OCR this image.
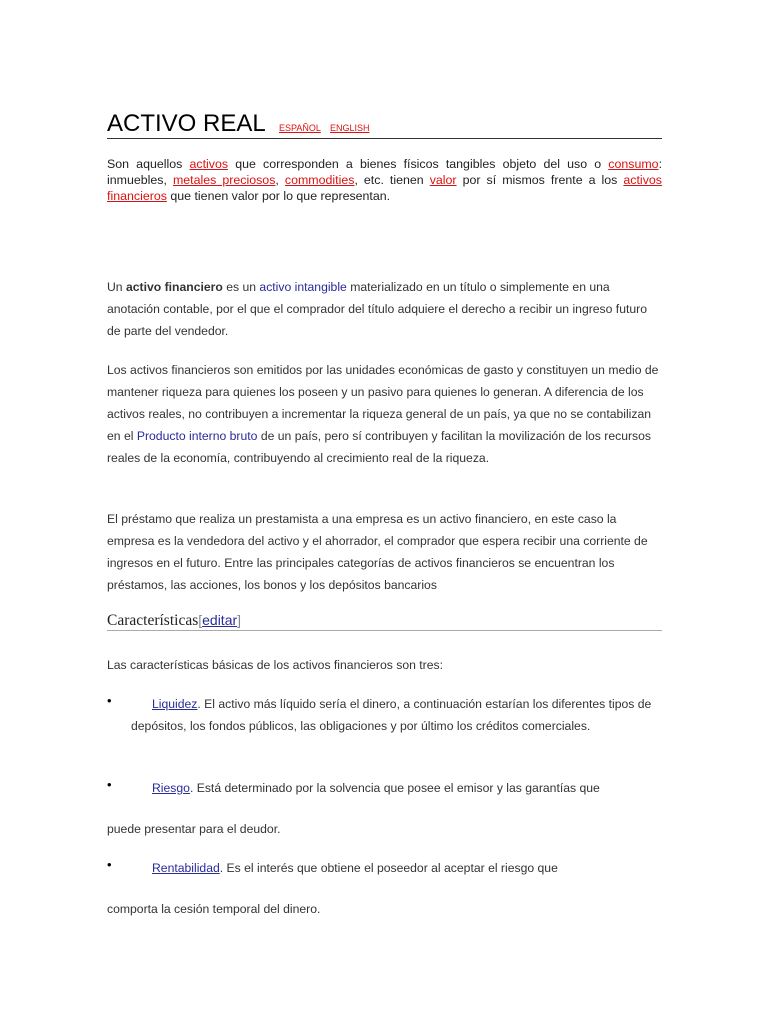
ACTIVO REAL ESPAÑOL ENGLISH
Son aquellos activos que corresponden a bienes físicos tangibles objeto del uso o consumo: inmuebles, metales preciosos, commodities, etc. tienen valor por sí mismos frente a los activos financieros que tienen valor por lo que representan.
Un activo financiero es un activo intangible materializado en un título o simplemente en una anotación contable, por el que el comprador del título adquiere el derecho a recibir un ingreso futuro de parte del vendedor.
Los activos financieros son emitidos por las unidades económicas de gasto y constituyen un medio de mantener riqueza para quienes los poseen y un pasivo para quienes lo generan. A diferencia de los activos reales, no contribuyen a incrementar la riqueza general de un país, ya que no se contabilizan en el Producto interno bruto de un país, pero sí contribuyen y facilitan la movilización de los recursos reales de la economía, contribuyendo al crecimiento real de la riqueza.
El préstamo que realiza un prestamista a una empresa es un activo financiero, en este caso la empresa es la vendedora del activo y el ahorrador, el comprador que espera recibir una corriente de ingresos en el futuro. Entre las principales categorías de activos financieros se encuentran los préstamos, las acciones, los bonos y los depósitos bancarios
Características[editar]
Las características básicas de los activos financieros son tres:
•	Liquidez. El activo más líquido sería el dinero, a continuación estarían los diferentes tipos de depósitos, los fondos públicos, las obligaciones y por último los créditos comerciales.
•	Riesgo. Está determinado por la solvencia que posee el emisor y las garantías que
puede presentar para el deudor.
•	Rentabilidad. Es el interés que obtiene el poseedor al aceptar el riesgo que
comporta la cesión temporal del dinero.
